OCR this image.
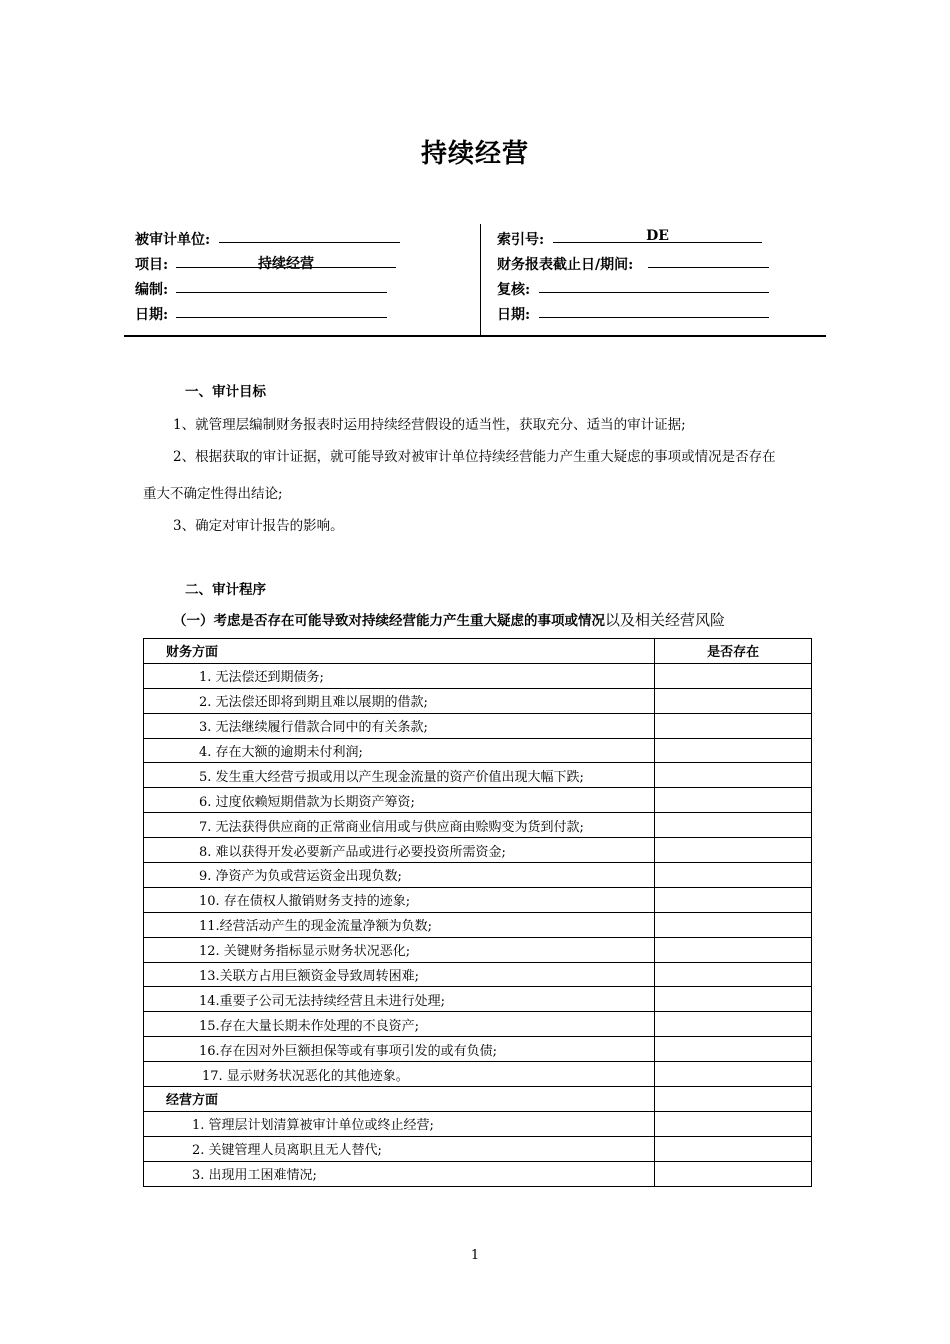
持续经营
被审计单位:
项目:	持续经营
编制:
日期:
索引号:	DE
财务报表截止日/期间:
复核:
日期:
一、审计目标
1、就管理层编制财务报表时运用持续经营假设的适当性，获取充分、适当的审计证据;
2、根据获取的审计证据，就可能导致对被审计单位持续经营能力产生重大疑虑的事项或情况是否存在
重大不确定性得出结论;
3、确定对审计报告的影响。
二、审计程序
（一）考虑是否存在可能导致对持续经营能力产生重大疑虑的事项或情况以及相关经营风险
财务方面	是否存在
1. 无法偿还到期债务;	
2. 无法偿还即将到期且难以展期的借款;	
3. 无法继续履行借款合同中的有关条款;	
4. 存在大额的逾期未付利润;	
5. 发生重大经营亏损或用以产生现金流量的资产价值出现大幅下跌;	
6. 过度依赖短期借款为长期资产筹资;	
7. 无法获得供应商的正常商业信用或与供应商由赊购变为货到付款;	
8. 难以获得开发必要新产品或进行必要投资所需资金;	
9. 净资产为负或营运资金出现负数;	
10. 存在债权人撤销财务支持的迹象;	
11.经营活动产生的现金流量净额为负数;	
12. 关键财务指标显示财务状况恶化;	
13.关联方占用巨额资金导致周转困难;	
14.重要子公司无法持续经营且未进行处理;	
15.存在大量长期未作处理的不良资产;	
16.存在因对外巨额担保等或有事项引发的或有负债;	
17. 显示财务状况恶化的其他迹象。	
经营方面	
1. 管理层计划清算被审计单位或终止经营;	
2. 关键管理人员离职且无人替代;	
3. 出现用工困难情况;	
1
